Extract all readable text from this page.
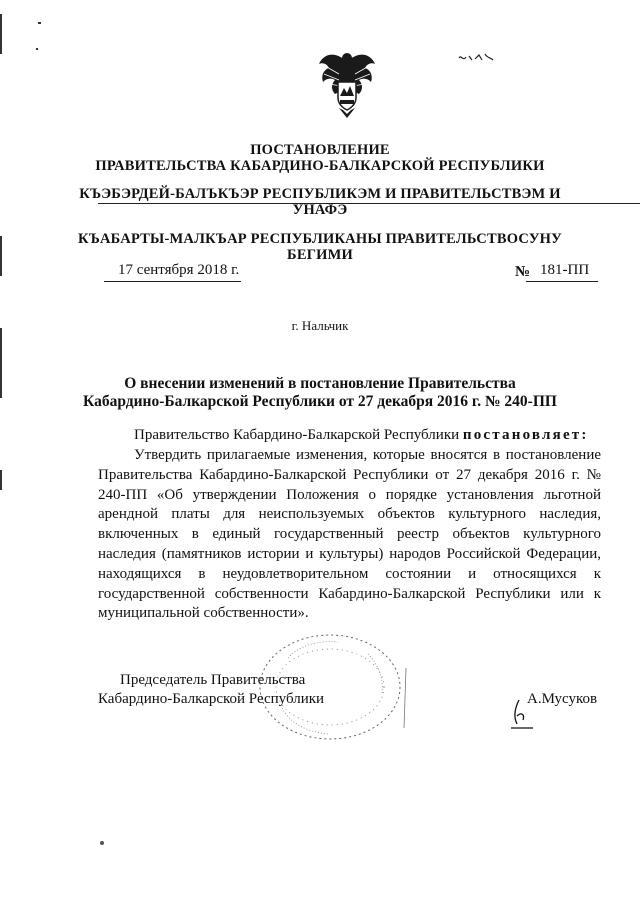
ПОСТАНОВЛЕНИЕ
ПРАВИТЕЛЬСТВА КАБАРДИНО-БАЛКАРСКОЙ РЕСПУБЛИКИ
КЪЭБЭРДЕЙ-БАЛЪКЪЭР РЕСПУБЛИКЭМ И ПРАВИТЕЛЬСТВЭМ И
УНАФЭ
КЪАБАРТЫ-МАЛКЪАР РЕСПУБЛИКАНЫ ПРАВИТЕЛЬСТВОСУНУ
БЕГИМИ
17 сентября 2018 г.	№ 181-ПП
г. Нальчик
О внесении изменений в постановление Правительства
Кабардино-Балкарской Республики от 27 декабря 2016 г. № 240-ПП
Правительство Кабардино-Балкарской Республики постановляет:
Утвердить прилагаемые изменения, которые вносятся в постановление Правительства Кабардино-Балкарской Республики от 27 декабря 2016 г. № 240-ПП «Об утверждении Положения о порядке установления льготной арендной платы для неиспользуемых объектов культурного наследия, включенных в единый государственный реестр объектов культурного наследия (памятников истории и культуры) народов Российской Федерации, находящихся в неудовлетворительном состоянии и относящихся к государственной собственности Кабардино-Балкарской Республики или к муниципальной собственности».
Председатель Правительства
Кабардино-Балкарской Республики	А.Мусуков
